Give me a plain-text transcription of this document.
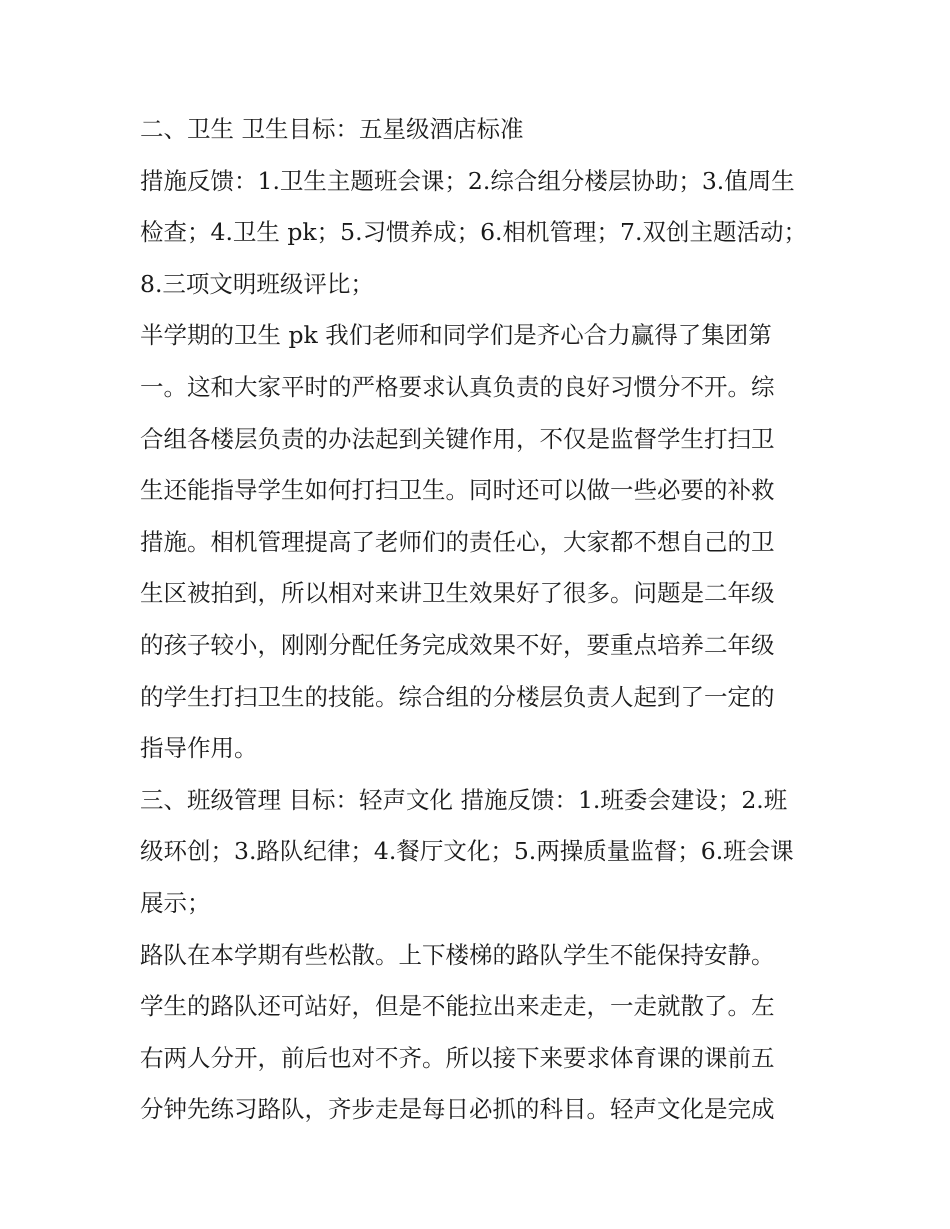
二、卫生 卫生目标：五星级酒店标准
措施反馈：1.卫生主题班会课；2.综合组分楼层协助；3.值周生
检查；4.卫生 pk；5.习惯养成；6.相机管理；7.双创主题活动；
8.三项文明班级评比；
半学期的卫生 pk 我们老师和同学们是齐心合力赢得了集团第
一。这和大家平时的严格要求认真负责的良好习惯分不开。综
合组各楼层负责的办法起到关键作用，不仅是监督学生打扫卫
生还能指导学生如何打扫卫生。同时还可以做一些必要的补救
措施。相机管理提高了老师们的责任心，大家都不想自己的卫
生区被拍到，所以相对来讲卫生效果好了很多。问题是二年级
的孩子较小，刚刚分配任务完成效果不好，要重点培养二年级
的学生打扫卫生的技能。综合组的分楼层负责人起到了一定的
指导作用。
三、班级管理 目标：轻声文化 措施反馈：1.班委会建设；2.班
级环创；3.路队纪律；4.餐厅文化；5.两操质量监督；6.班会课
展示；
路队在本学期有些松散。上下楼梯的路队学生不能保持安静。
学生的路队还可站好，但是不能拉出来走走，一走就散了。左
右两人分开，前后也对不齐。所以接下来要求体育课的课前五
分钟先练习路队，齐步走是每日必抓的科目。轻声文化是完成
